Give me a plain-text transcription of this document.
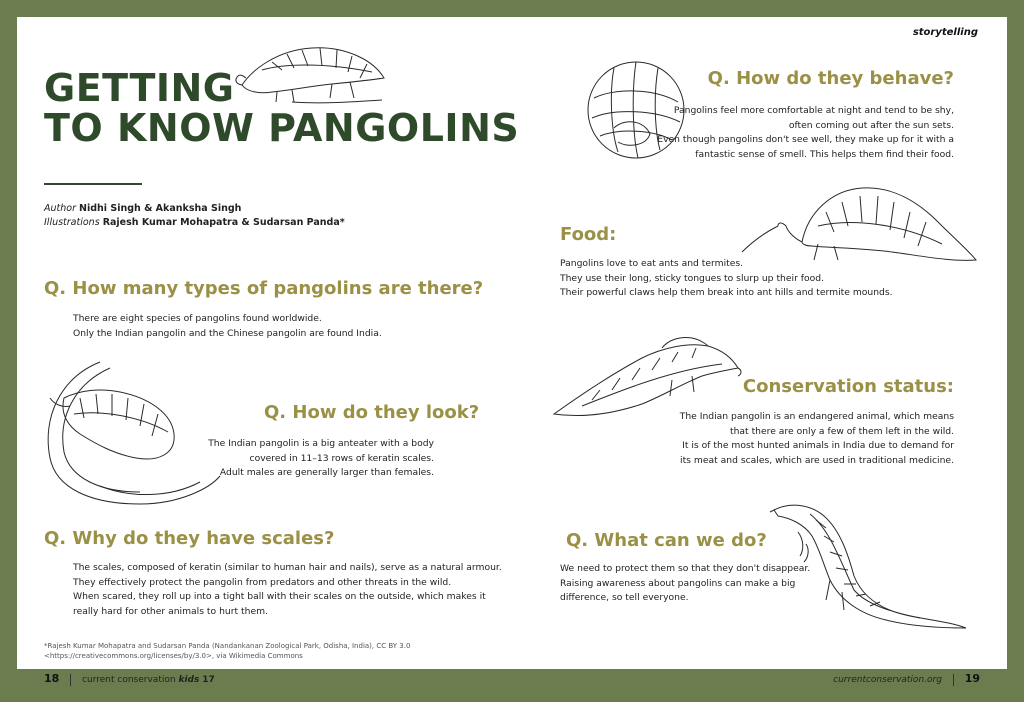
storytelling
GETTING
TO KNOW PANGOLINS
Author Nidhi Singh & Akanksha Singh
Illustrations Rajesh Kumar Mohapatra & Sudarsan Panda*
Q. How many types of pangolins are there?

There are eight species of pangolins found worldwide.

Only the Indian pangolin and the Chinese pangolin are found India.

Q. How do they look?

The Indian pangolin is a big anteater with a body

covered in 11–13 rows of keratin scales.

Adult males are generally larger than females.

Q. Why do they have scales?

The scales, composed of keratin (similar to human hair and nails), serve as a natural armour.

They effectively protect the pangolin from predators and other threats in the wild.

When scared, they roll up into a tight ball with their scales on the outside, which makes it

really hard for other animals to hurt them.

*Rajesh Kumar Mohapatra and Sudarsan Panda (Nandankanan Zoological Park, Odisha, India), CC BY 3.0
<https://creativecommons.org/licenses/by/3.0>, via Wikimedia Commons
18	current conservation kids 17	currentconservation.org 19
Q. How do they behave?

Pangolins feel more comfortable at night and tend to be shy,

often coming out after the sun sets.

Even though pangolins don't see well, they make up for it with a

fantastic sense of smell. This helps them find their food.

Food:

Pangolins love to eat ants and termites.

They use their long, sticky tongues to slurp up their food.

Their powerful claws help them break into ant hills and termite mounds.

Conservation status:

The Indian pangolin is an endangered animal, which means

that there are only a few of them left in the wild.

It is of the most hunted animals in India due to demand for

its meat and scales, which are used in traditional medicine.

Q. What can we do?

We need to protect them so that they don't disappear.

Raising awareness about pangolins can make a big

difference, so tell everyone.
